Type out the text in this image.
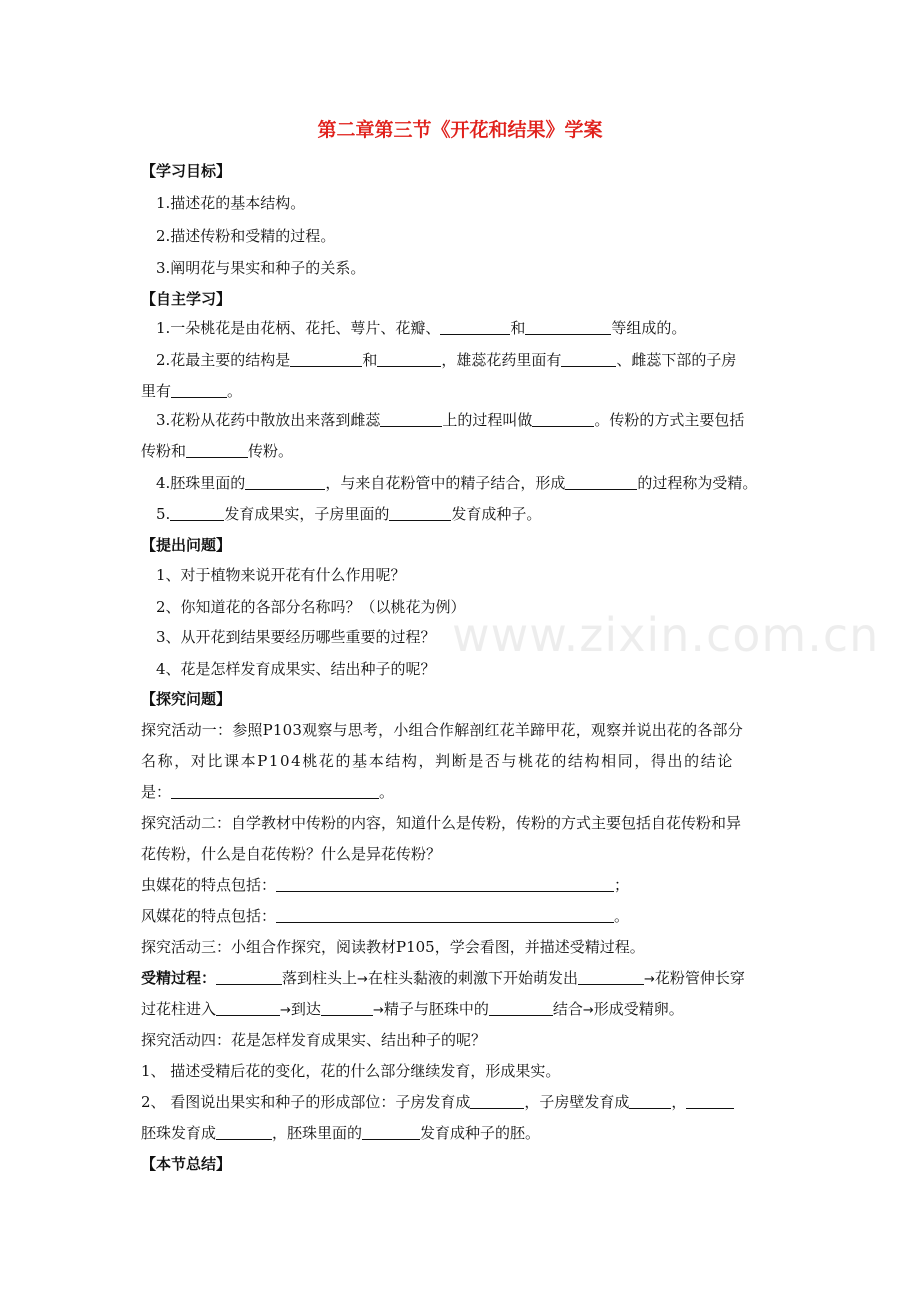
第二章第三节《开花和结果》学案
【学习目标】
1.描述花的基本结构。
2.描述传粉和受精的过程。
3.阐明花与果实和种子的关系。
【自主学习】
1.一朵桃花是由花柄、花托、萼片、花瓣、	和	等组成的。
2.花最主要的结构是	和	，雄蕊花药里面有	、雌蕊下部的子房
里有	。
3.花粉从花药中散放出来落到雌蕊	上的过程叫做	。传粉的方式主要包括
传粉和	传粉。
4.胚珠里面的	，与来自花粉管中的精子结合，形成	的过程称为受精。
5.	发育成果实，子房里面的	发育成种子。
【提出问题】
1、对于植物来说开花有什么作用呢？
2、你知道花的各部分名称吗？（以桃花为例）
3、从开花到结果要经历哪些重要的过程？
4、花是怎样发育成果实、结出种子的呢？
www.zixin.com.cn
【探究问题】
探究活动一：参照P103观察与思考，小组合作解剖红花羊蹄甲花，观察并说出花的各部分
名称，对比课本P104桃花的基本结构，判断是否与桃花的结构相同，得出的结论
是：	。
探究活动二：自学教材中传粉的内容，知道什么是传粉，传粉的方式主要包括自花传粉和异
花传粉，什么是自花传粉？什么是异花传粉？
虫媒花的特点包括：	；
风媒花的特点包括：	。
探究活动三：小组合作探究，阅读教材P105，学会看图，并描述受精过程。
受精过程：	落到柱头上→在柱头黏液的刺激下开始萌发出	→花粉管伸长穿
过花柱进入	→到达	→精子与胚珠中的	结合→形成受精卵。
探究活动四：花是怎样发育成果实、结出种子的呢？
1、 描述受精后花的变化，花的什么部分继续发育，形成果实。
2、 看图说出果实和种子的形成部位：子房发育成	，子房壁发育成	，
胚珠发育成	，胚珠里面的	发育成种子的胚。
【本节总结】
